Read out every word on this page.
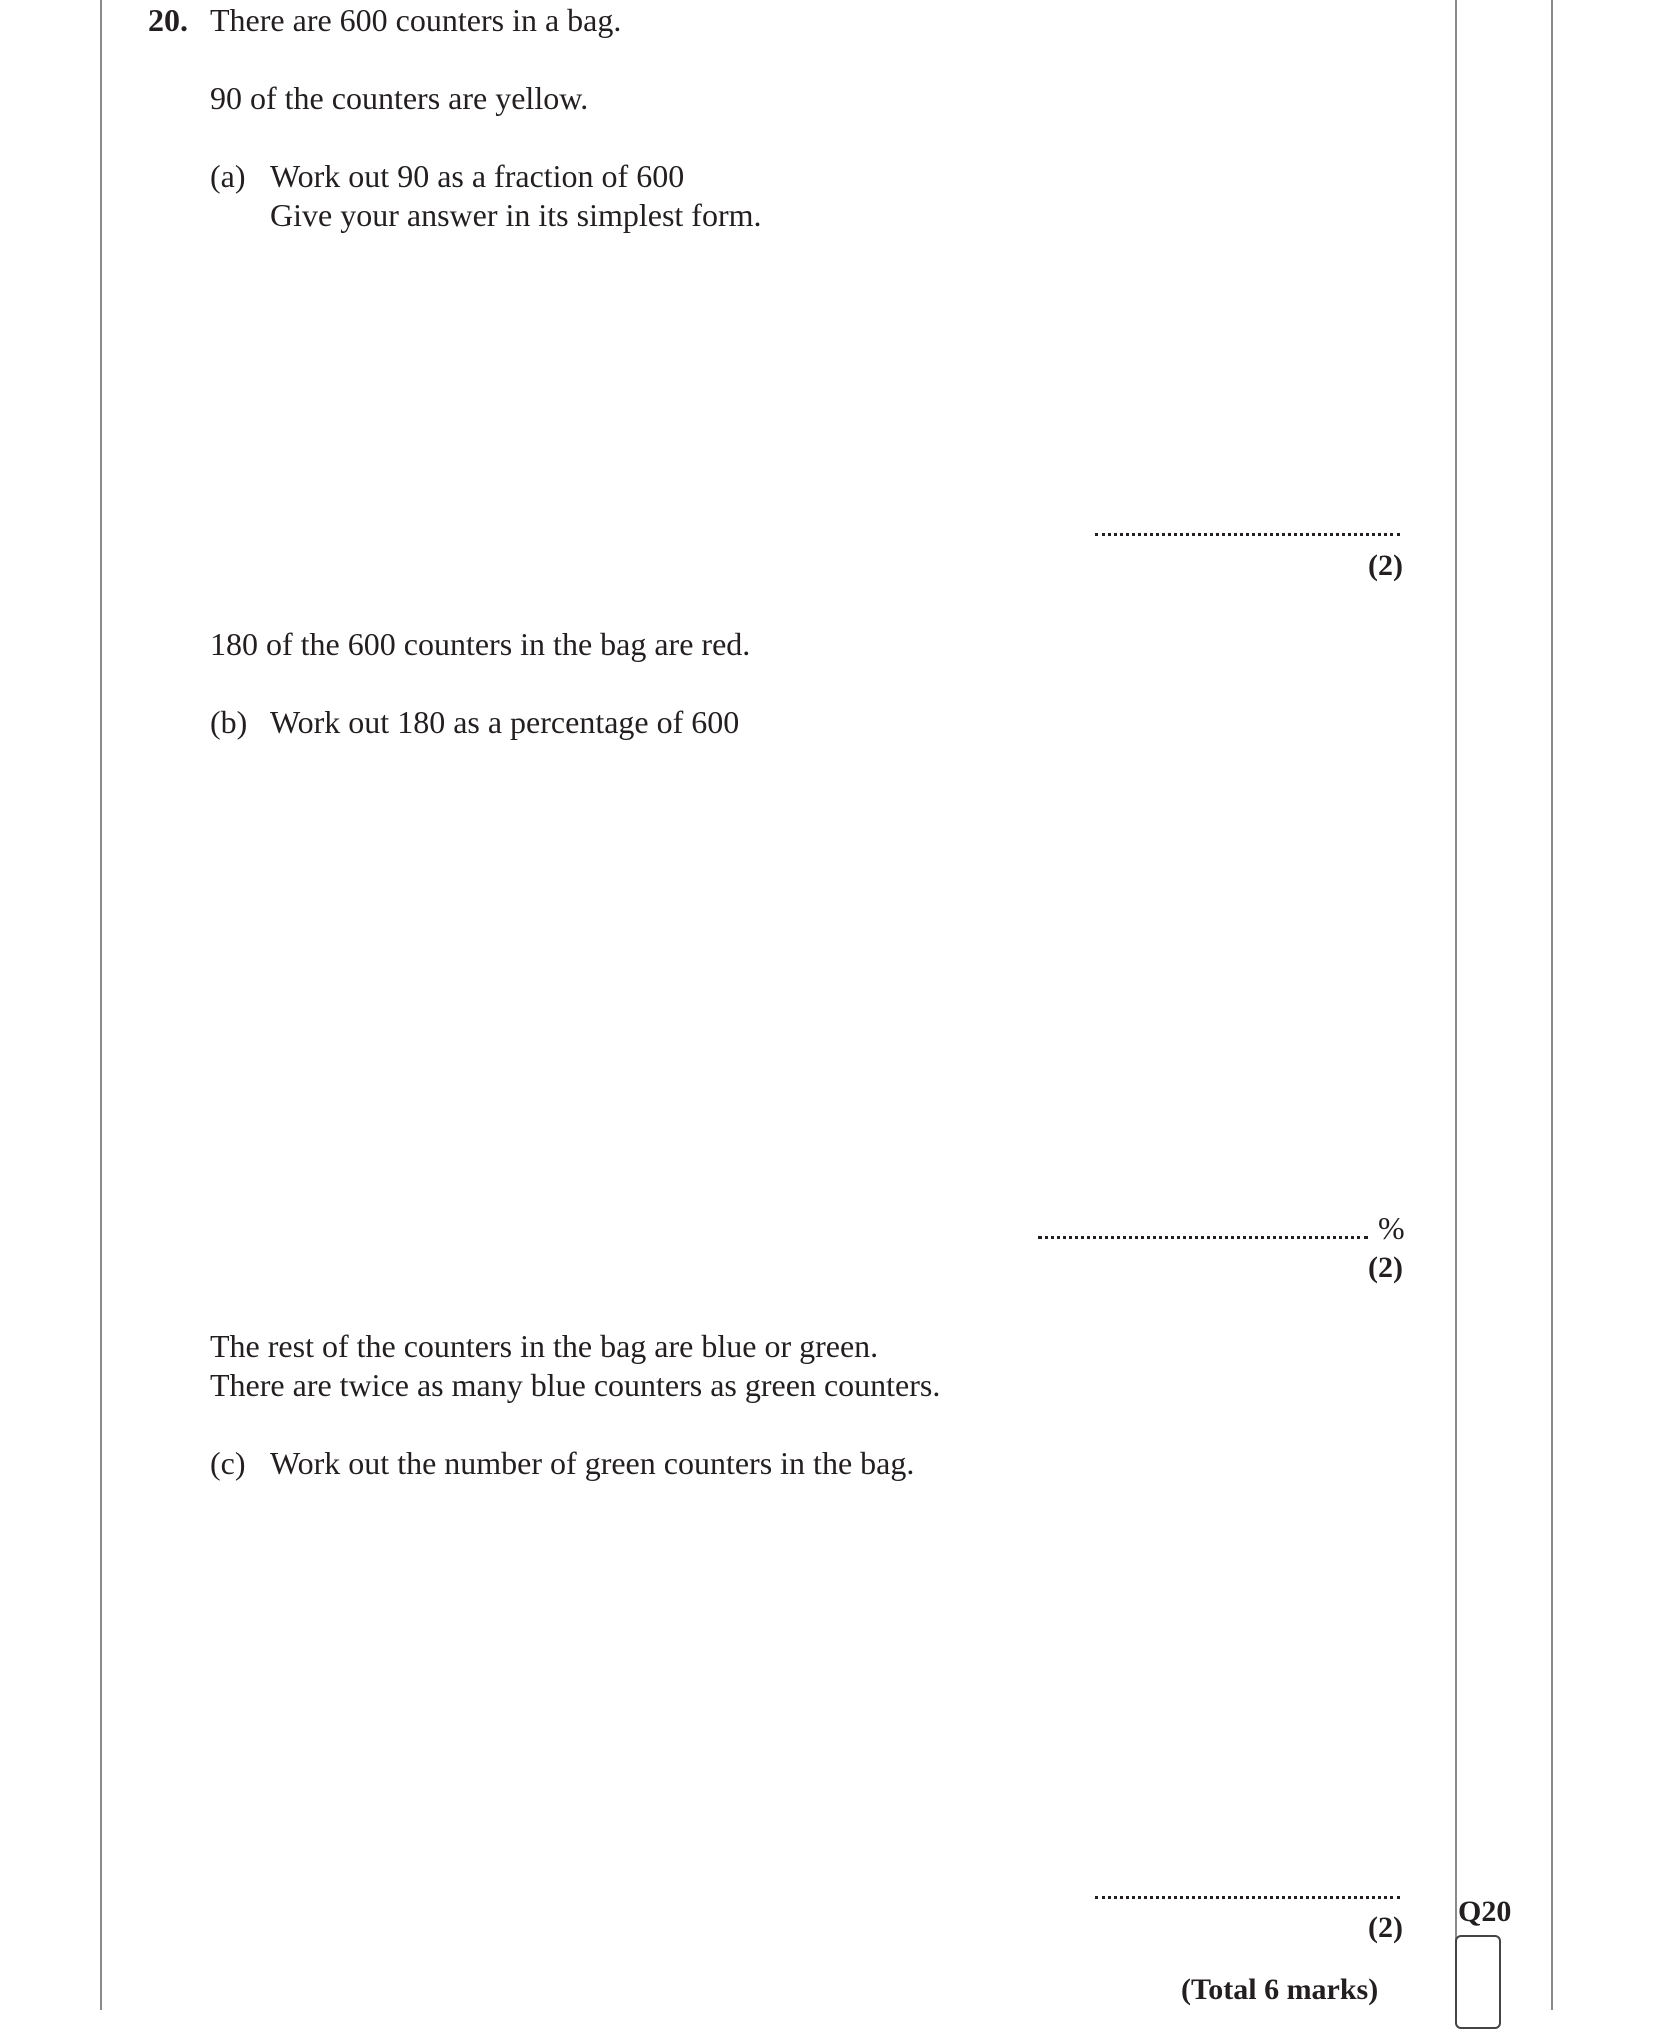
20. There are 600 counters in a bag.
90 of the counters are yellow.
(a) Work out 90 as a fraction of 600
Give your answer in its simplest form.
(2)
180 of the 600 counters in the bag are red.
(b) Work out 180 as a percentage of 600
%
(2)
The rest of the counters in the bag are blue or green.
There are twice as many blue counters as green counters.
(c) Work out the number of green counters in the bag.
(2)
(Total 6 marks)
Q20
